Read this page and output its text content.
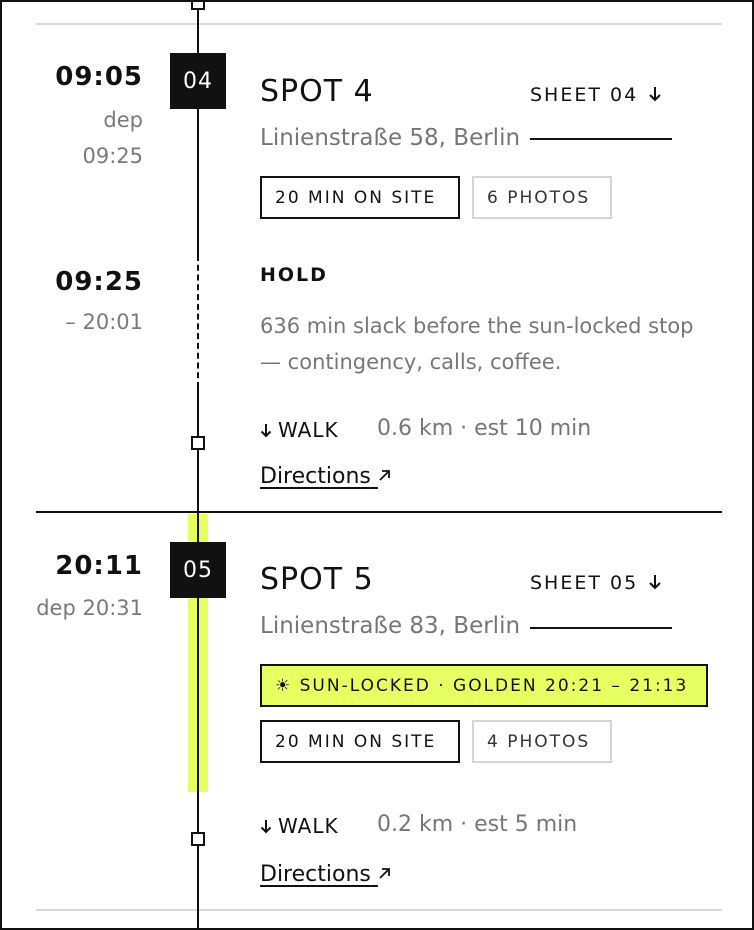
09:05
dep
09:25
04	SPOT 4
Linienstraße 58, Berlin
SHEET 04
20 MIN ON SITE	6 PHOTOS
09:25
– 20:01
HOLD
636 min slack before the sun-locked stop — contingency, calls, coffee.
WALK 0.6 km · est 10 min
Directions
20:11
dep 20:31
05	SPOT 5
Linienstraße 83, Berlin
SHEET 05
☀ SUN-LOCKED · GOLDEN 20:21 – 21:13
20 MIN ON SITE	4 PHOTOS
WALK 0.2 km · est 5 min
Directions
